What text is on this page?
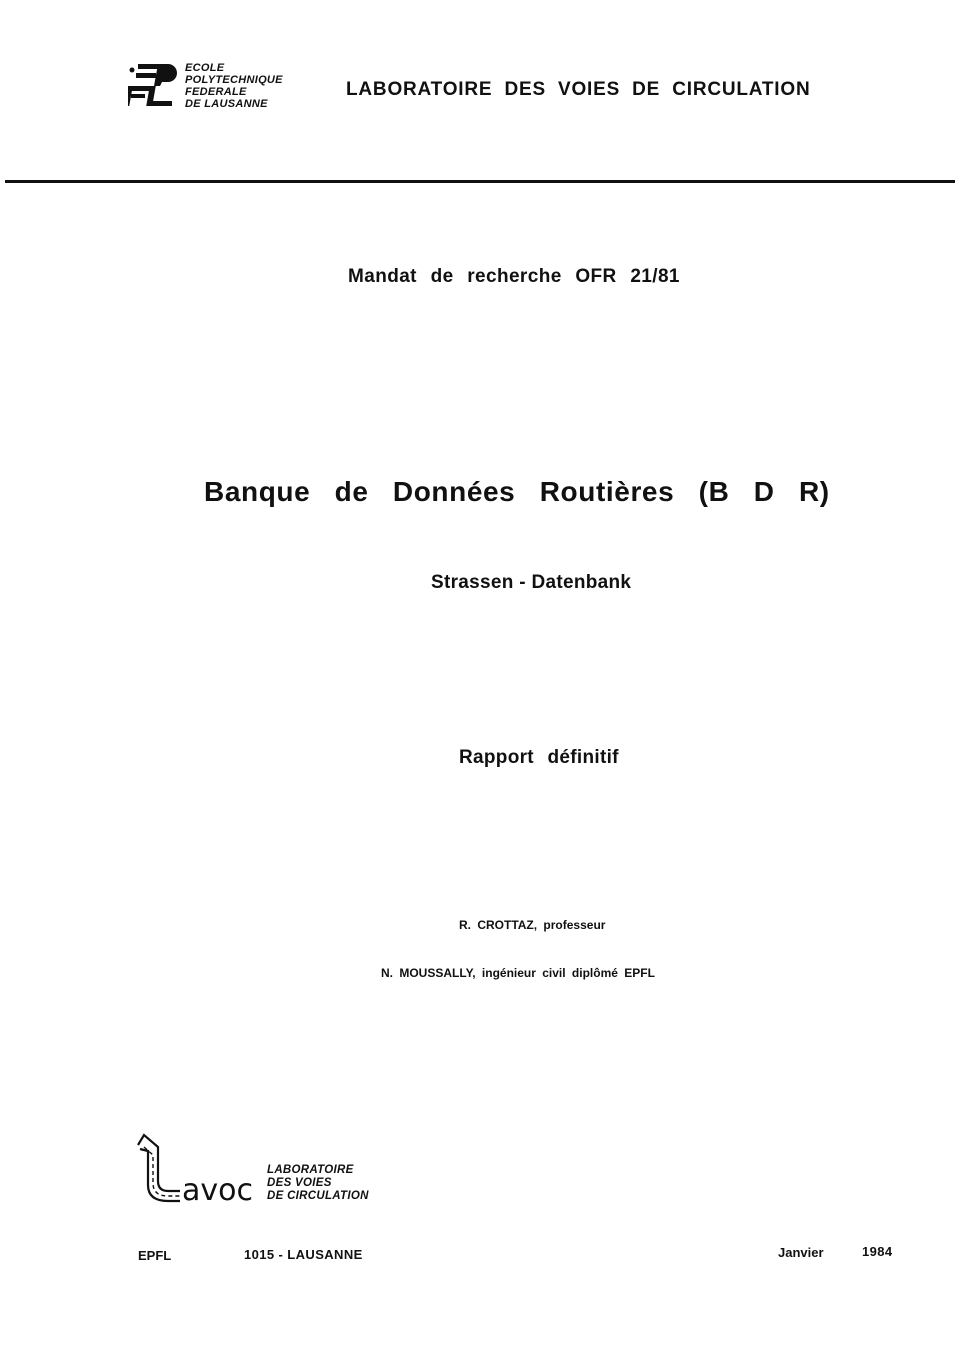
ECOLE
POLYTECHNIQUE
FEDERALE
DE LAUSANNE
LABORATOIRE DES VOIES DE CIRCULATION
Mandat de recherche OFR 21/81
Banque de Données Routières (B D R)
Strassen - Datenbank
Rapport définitif
R. CROTTAZ, professeur
N. MOUSSALLY, ingénieur civil diplômé EPFL
avoc
LABORATOIRE
DES VOIES
DE CIRCULATION
EPFL	1015 - LAUSANNE	Janvier	1984
